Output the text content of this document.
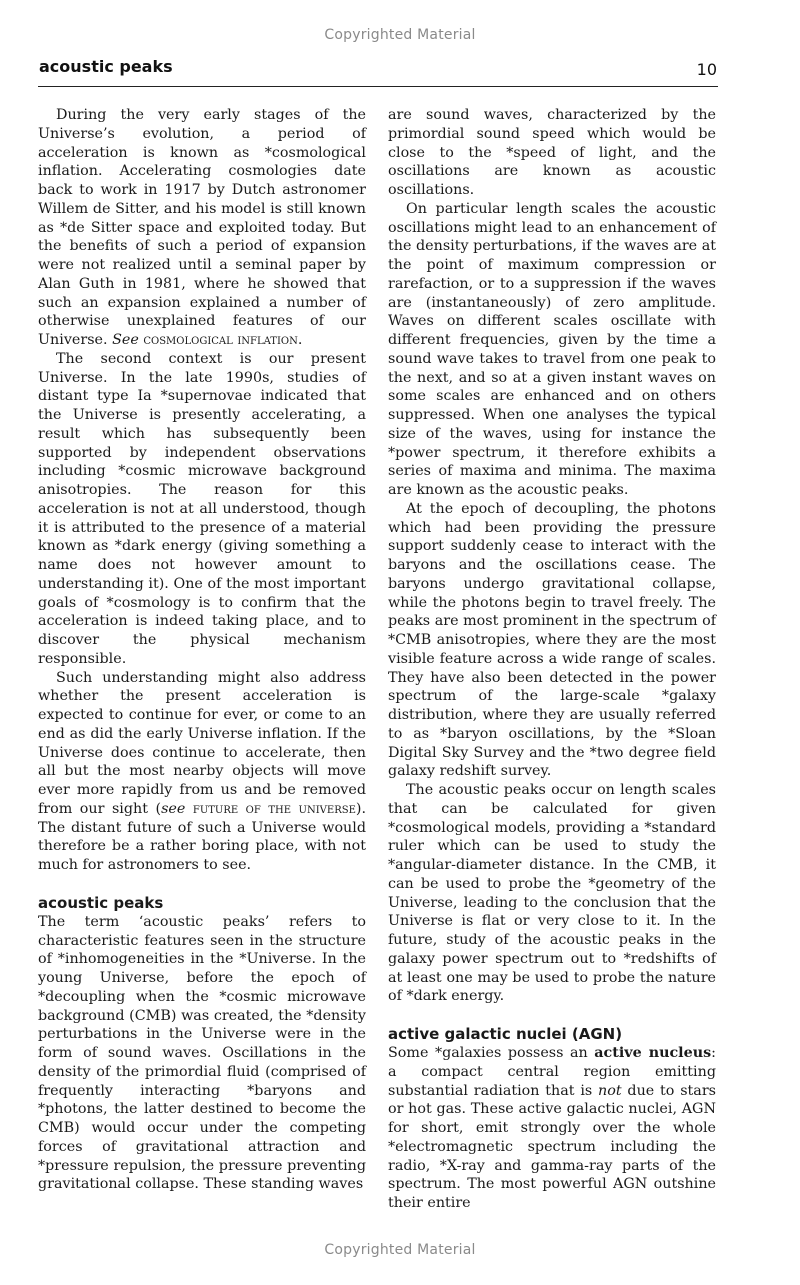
Copyrighted Material
acoustic peaks	10

During the very early stages of the Universe’s evolution, a period of acceleration is known as *cosmological inflation. Accelerating cosmologies date back to work in 1917 by Dutch astronomer Willem de Sitter, and his model is still known as *de Sitter space and exploited today. But the benefits of such a period of expansion were not realized until a seminal paper by Alan Guth in 1981, where he showed that such an expansion explained a number of otherwise unexplained features of our Universe. See cosmological inflation.

The second context is our present Universe. In the late 1990s, studies of distant type Ia *supernovae indicated that the Universe is presently accelerating, a result which has subsequently been supported by independent observations including *cosmic microwave background anisotropies. The reason for this acceleration is not at all understood, though it is attributed to the presence of a material known as *dark energy (giving something a name does not however amount to understanding it). One of the most important goals of *cosmology is to confirm that the acceleration is indeed taking place, and to discover the physical mechanism responsible.

Such understanding might also address whether the present acceleration is expected to continue for ever, or come to an end as did the early Universe inflation. If the Universe does continue to accelerate, then all but the most nearby objects will move ever more rapidly from us and be removed from our sight (see future of the universe). The distant future of such a Universe would therefore be a rather boring place, with not much for astronomers to see.

acoustic peaks

The term ‘acoustic peaks’ refers to characteristic features seen in the structure of *inhomogeneities in the *Universe. In the young Universe, before the epoch of *decoupling when the *cosmic microwave background (CMB) was created, the *density perturbations in the Universe were in the form of sound waves. Oscillations in the density of the primordial fluid (comprised of frequently interacting *baryons and *photons, the latter destined to become the CMB) would occur under the competing forces of gravitational attraction and *pressure repulsion, the pressure preventing gravitational collapse. These standing waves

are sound waves, characterized by the primordial sound speed which would be close to the *speed of light, and the oscillations are known as acoustic oscillations.

On particular length scales the acoustic oscillations might lead to an enhancement of the density perturbations, if the waves are at the point of maximum compression or rarefaction, or to a suppression if the waves are (instantaneously) of zero amplitude. Waves on different scales oscillate with different frequencies, given by the time a sound wave takes to travel from one peak to the next, and so at a given instant waves on some scales are enhanced and on others suppressed. When one analyses the typical size of the waves, using for instance the *power spectrum, it therefore exhibits a series of maxima and minima. The maxima are known as the acoustic peaks.

At the epoch of decoupling, the photons which had been providing the pressure support suddenly cease to interact with the baryons and the oscillations cease. The baryons undergo gravitational collapse, while the photons begin to travel freely. The peaks are most prominent in the spectrum of *CMB anisotropies, where they are the most visible feature across a wide range of scales. They have also been detected in the power spectrum of the large-scale *galaxy distribution, where they are usually referred to as *baryon oscillations, by the *Sloan Digital Sky Survey and the *two degree field galaxy redshift survey.

The acoustic peaks occur on length scales that can be calculated for given *cosmological models, providing a *standard ruler which can be used to study the *angular-diameter distance. In the CMB, it can be used to probe the *geometry of the Universe, leading to the conclusion that the Universe is flat or very close to it. In the future, study of the acoustic peaks in the galaxy power spectrum out to *redshifts of at least one may be used to probe the nature of *dark energy.

active galactic nuclei (AGN)

Some *galaxies possess an active nucleus: a compact central region emitting substantial radiation that is not due to stars or hot gas. These active galactic nuclei, AGN for short, emit strongly over the whole *electromagnetic spectrum including the radio, *X-ray and gamma-ray parts of the spectrum. The most powerful AGN outshine their entire

Copyrighted Material
